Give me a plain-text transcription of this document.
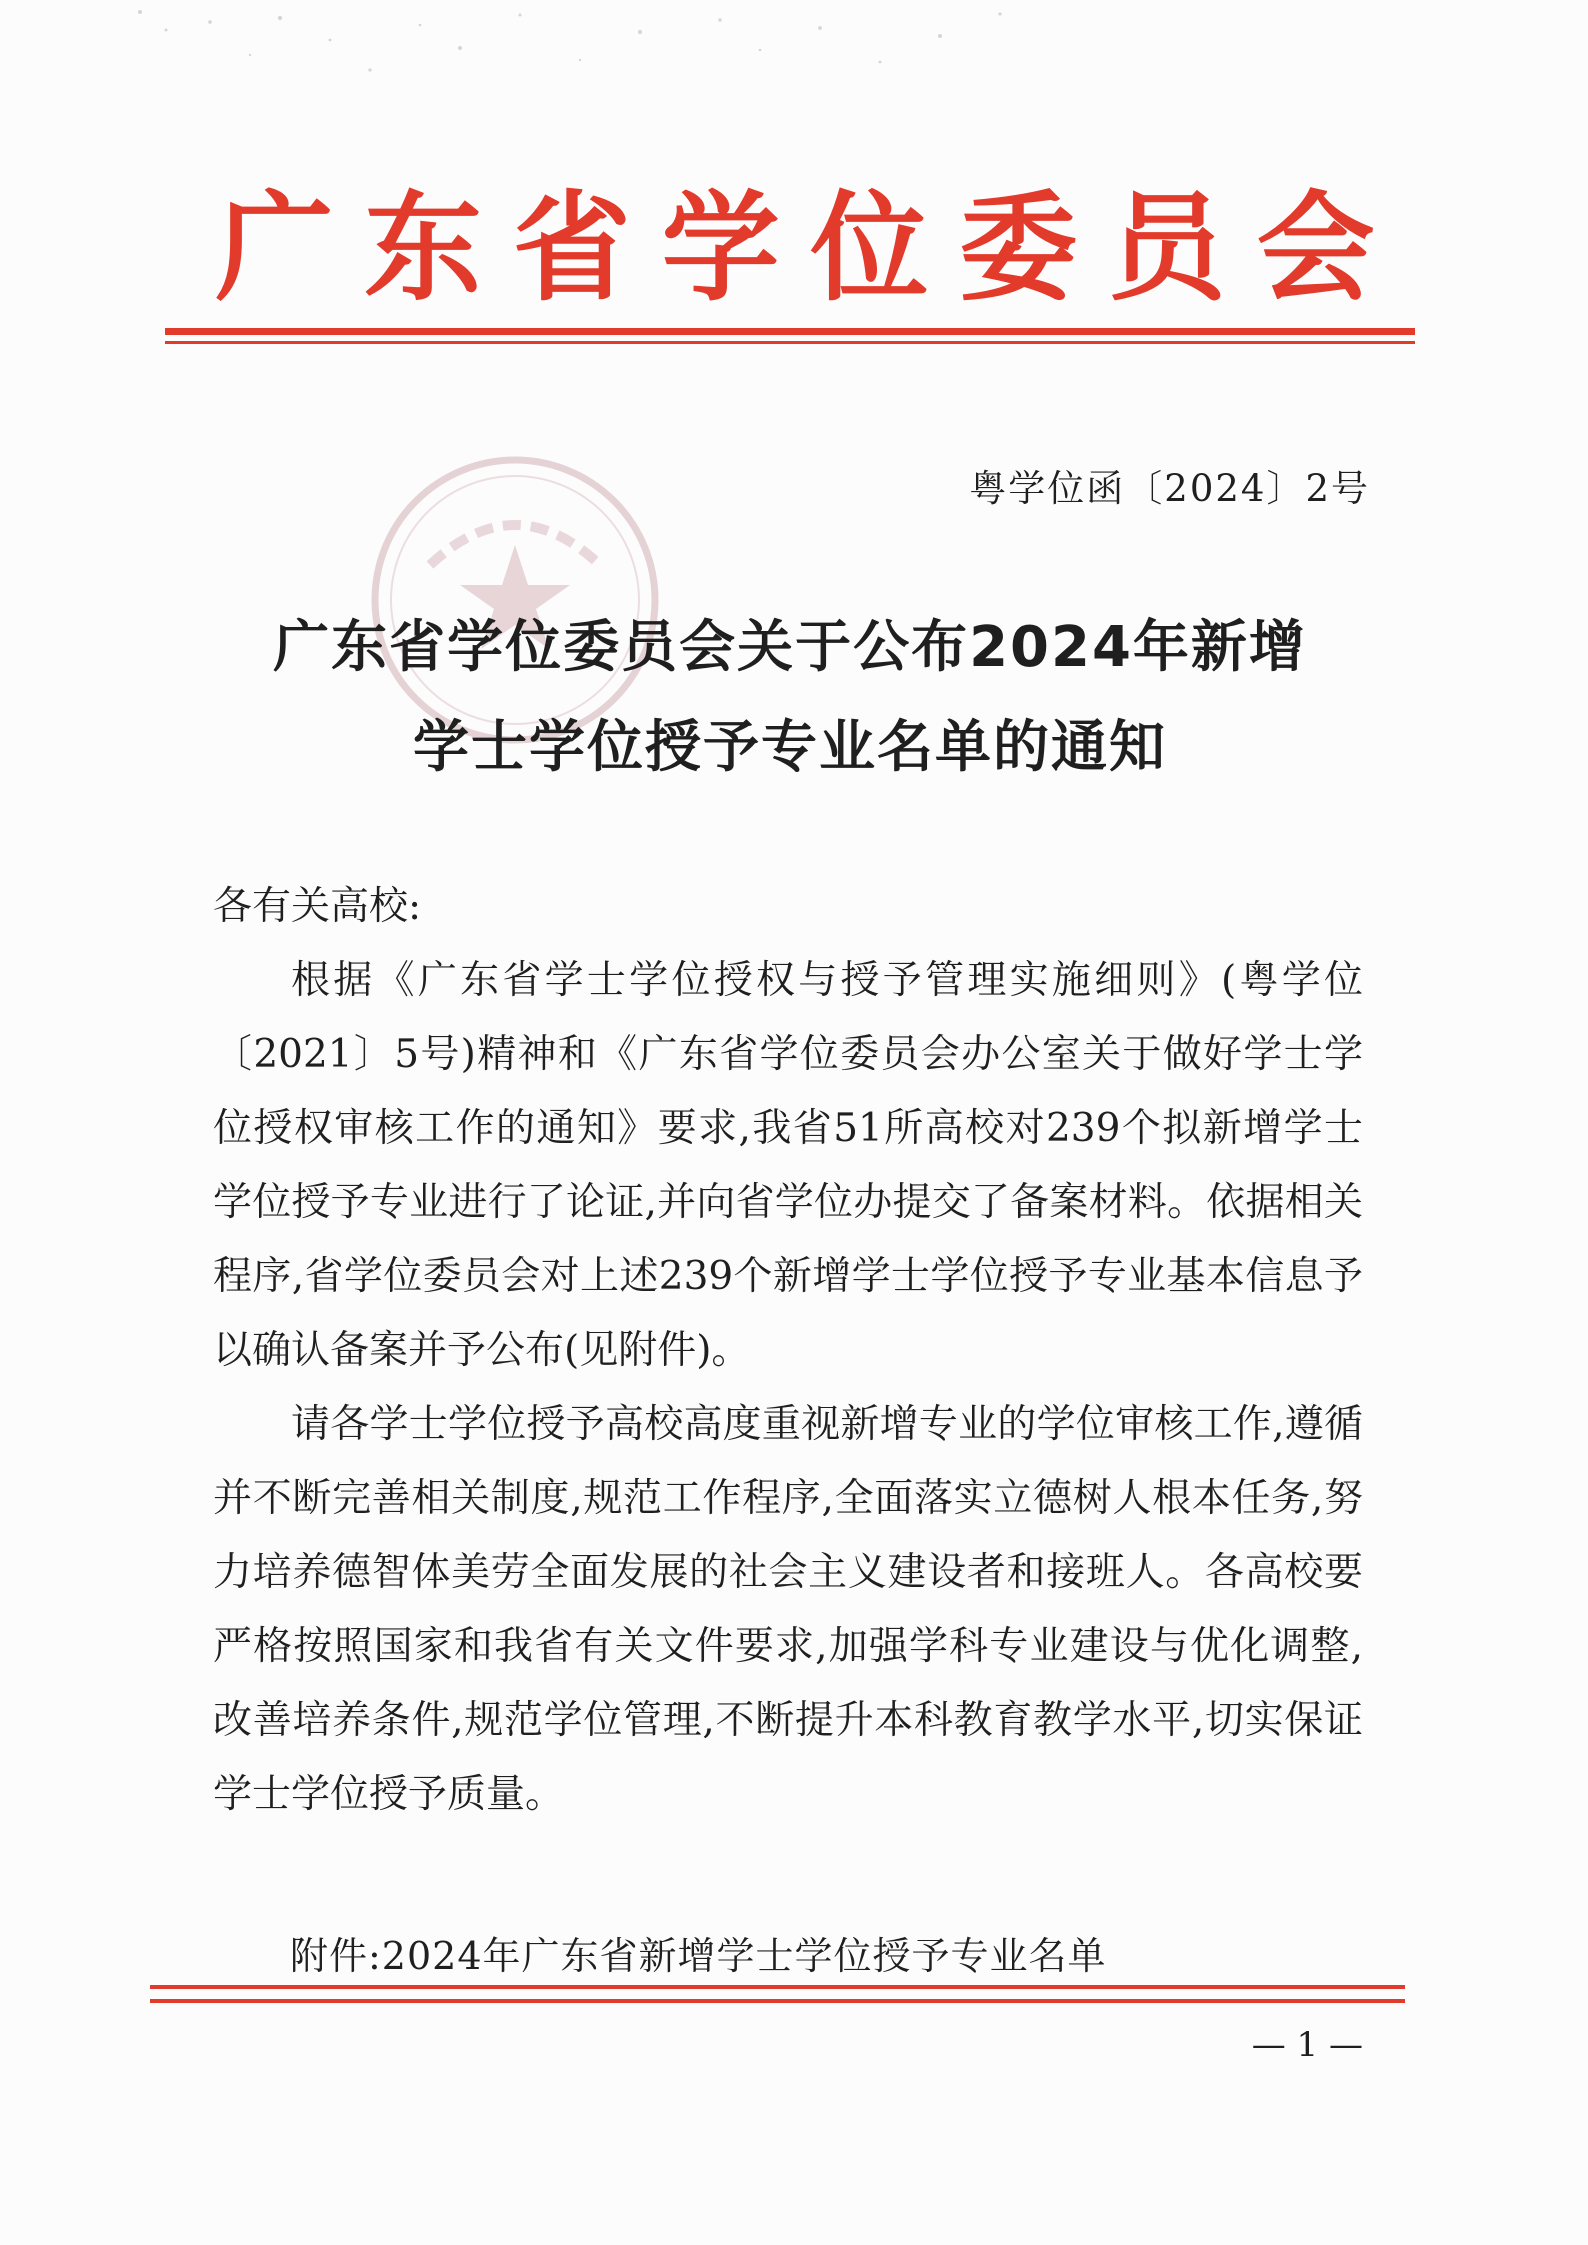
广 东 省 学 位 委 员 会
粤学位函〔2024〕2号
广东省学位委员会关于公布2024年新增
学士学位授予专业名单的通知

各有关高校:

根据《广东省学士学位授权与授予管理实施细则》(粤学位〔2021〕5号)精神和《广东省学位委员会办公室关于做好学士学位授权审核工作的通知》要求,我省51所高校对239个拟新增学士学位授予专业进行了论证,并向省学位办提交了备案材料。依据相关程序,省学位委员会对上述239个新增学士学位授予专业基本信息予以确认备案并予公布(见附件)。

请各学士学位授予高校高度重视新增专业的学位审核工作,遵循并不断完善相关制度,规范工作程序,全面落实立德树人根本任务,努力培养德智体美劳全面发展的社会主义建设者和接班人。各高校要严格按照国家和我省有关文件要求,加强学科专业建设与优化调整,改善培养条件,规范学位管理,不断提升本科教育教学水平,切实保证学士学位授予质量。

附件:2024年广东省新增学士学位授予专业名单
— 1 —
